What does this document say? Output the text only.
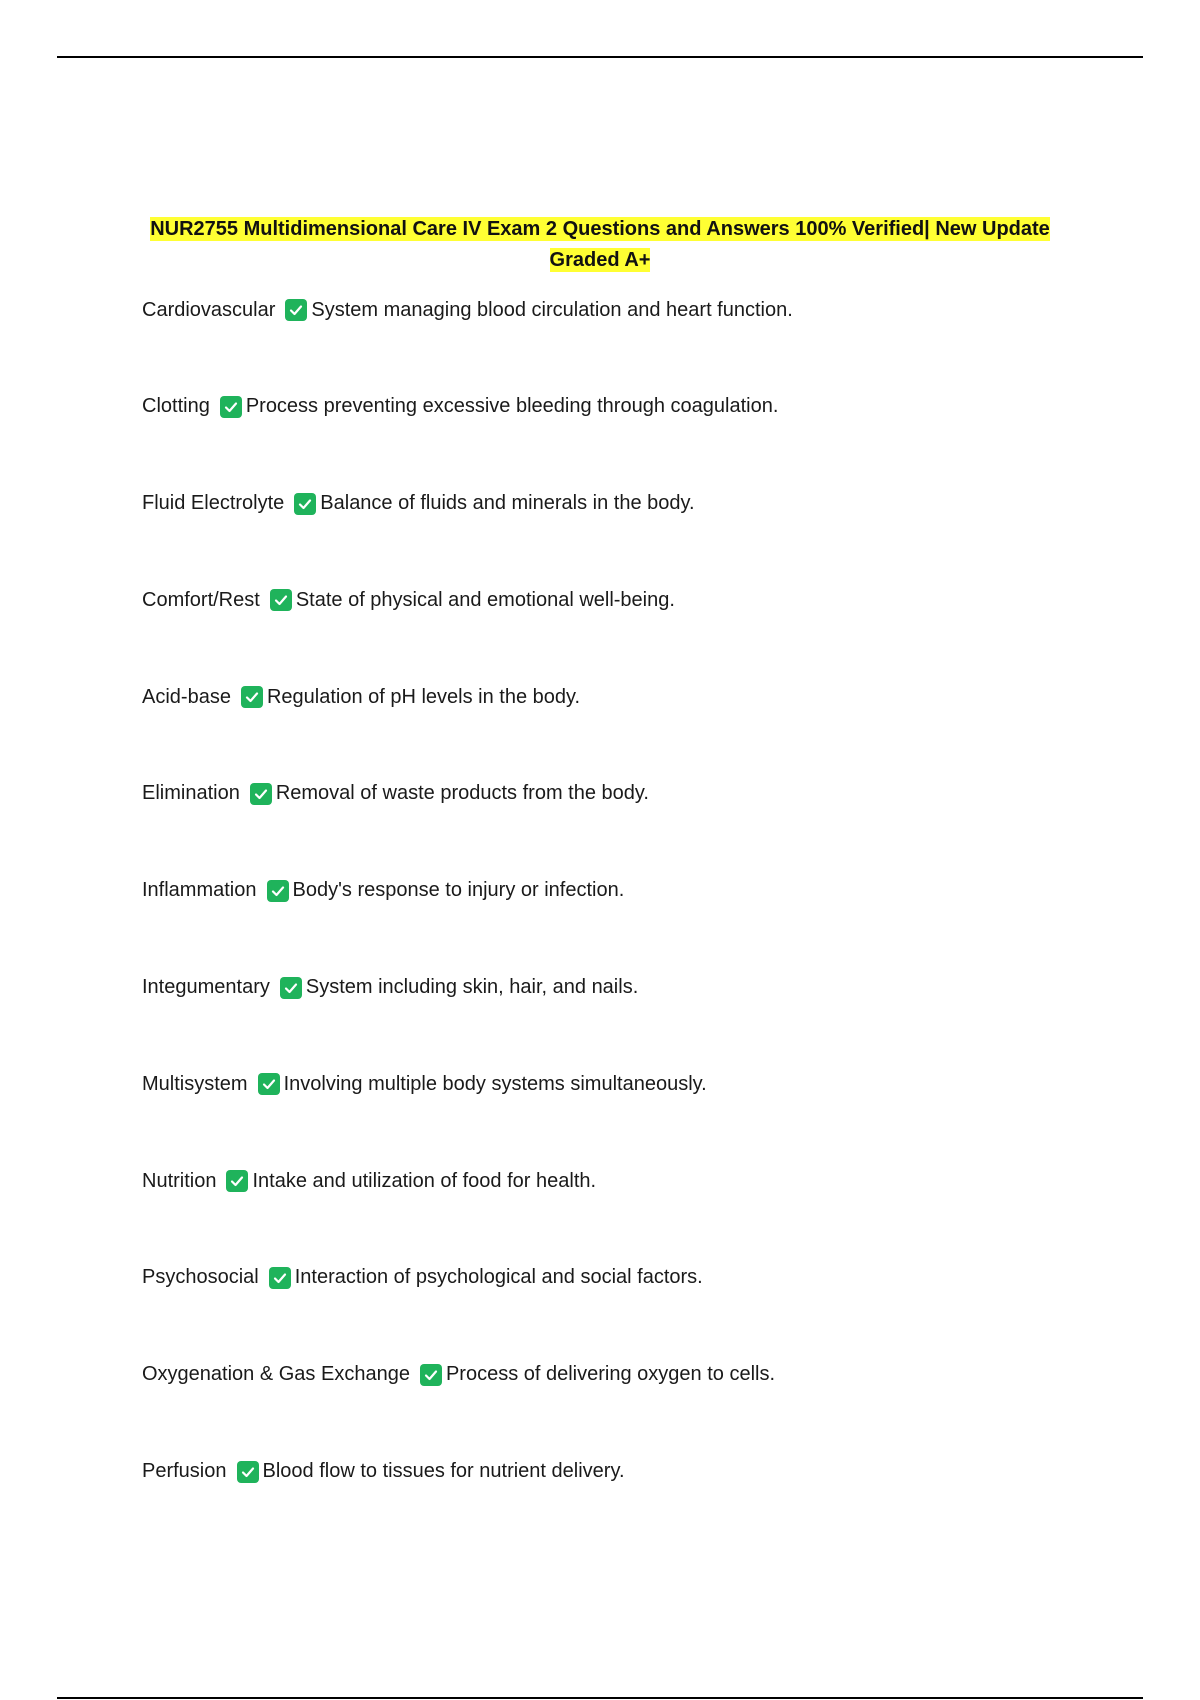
NUR2755 Multidimensional Care IV Exam 2 Questions and Answers 100% Verified| New Update Graded A+
Cardiovascular System managing blood circulation and heart function.
Clotting Process preventing excessive bleeding through coagulation.
Fluid Electrolyte Balance of fluids and minerals in the body.
Comfort/Rest State of physical and emotional well-being.
Acid-base Regulation of pH levels in the body.
Elimination Removal of waste products from the body.
Inflammation Body's response to injury or infection.
Integumentary System including skin, hair, and nails.
Multisystem Involving multiple body systems simultaneously.
Nutrition Intake and utilization of food for health.
Psychosocial Interaction of psychological and social factors.
Oxygenation & Gas Exchange Process of delivering oxygen to cells.
Perfusion Blood flow to tissues for nutrient delivery.
